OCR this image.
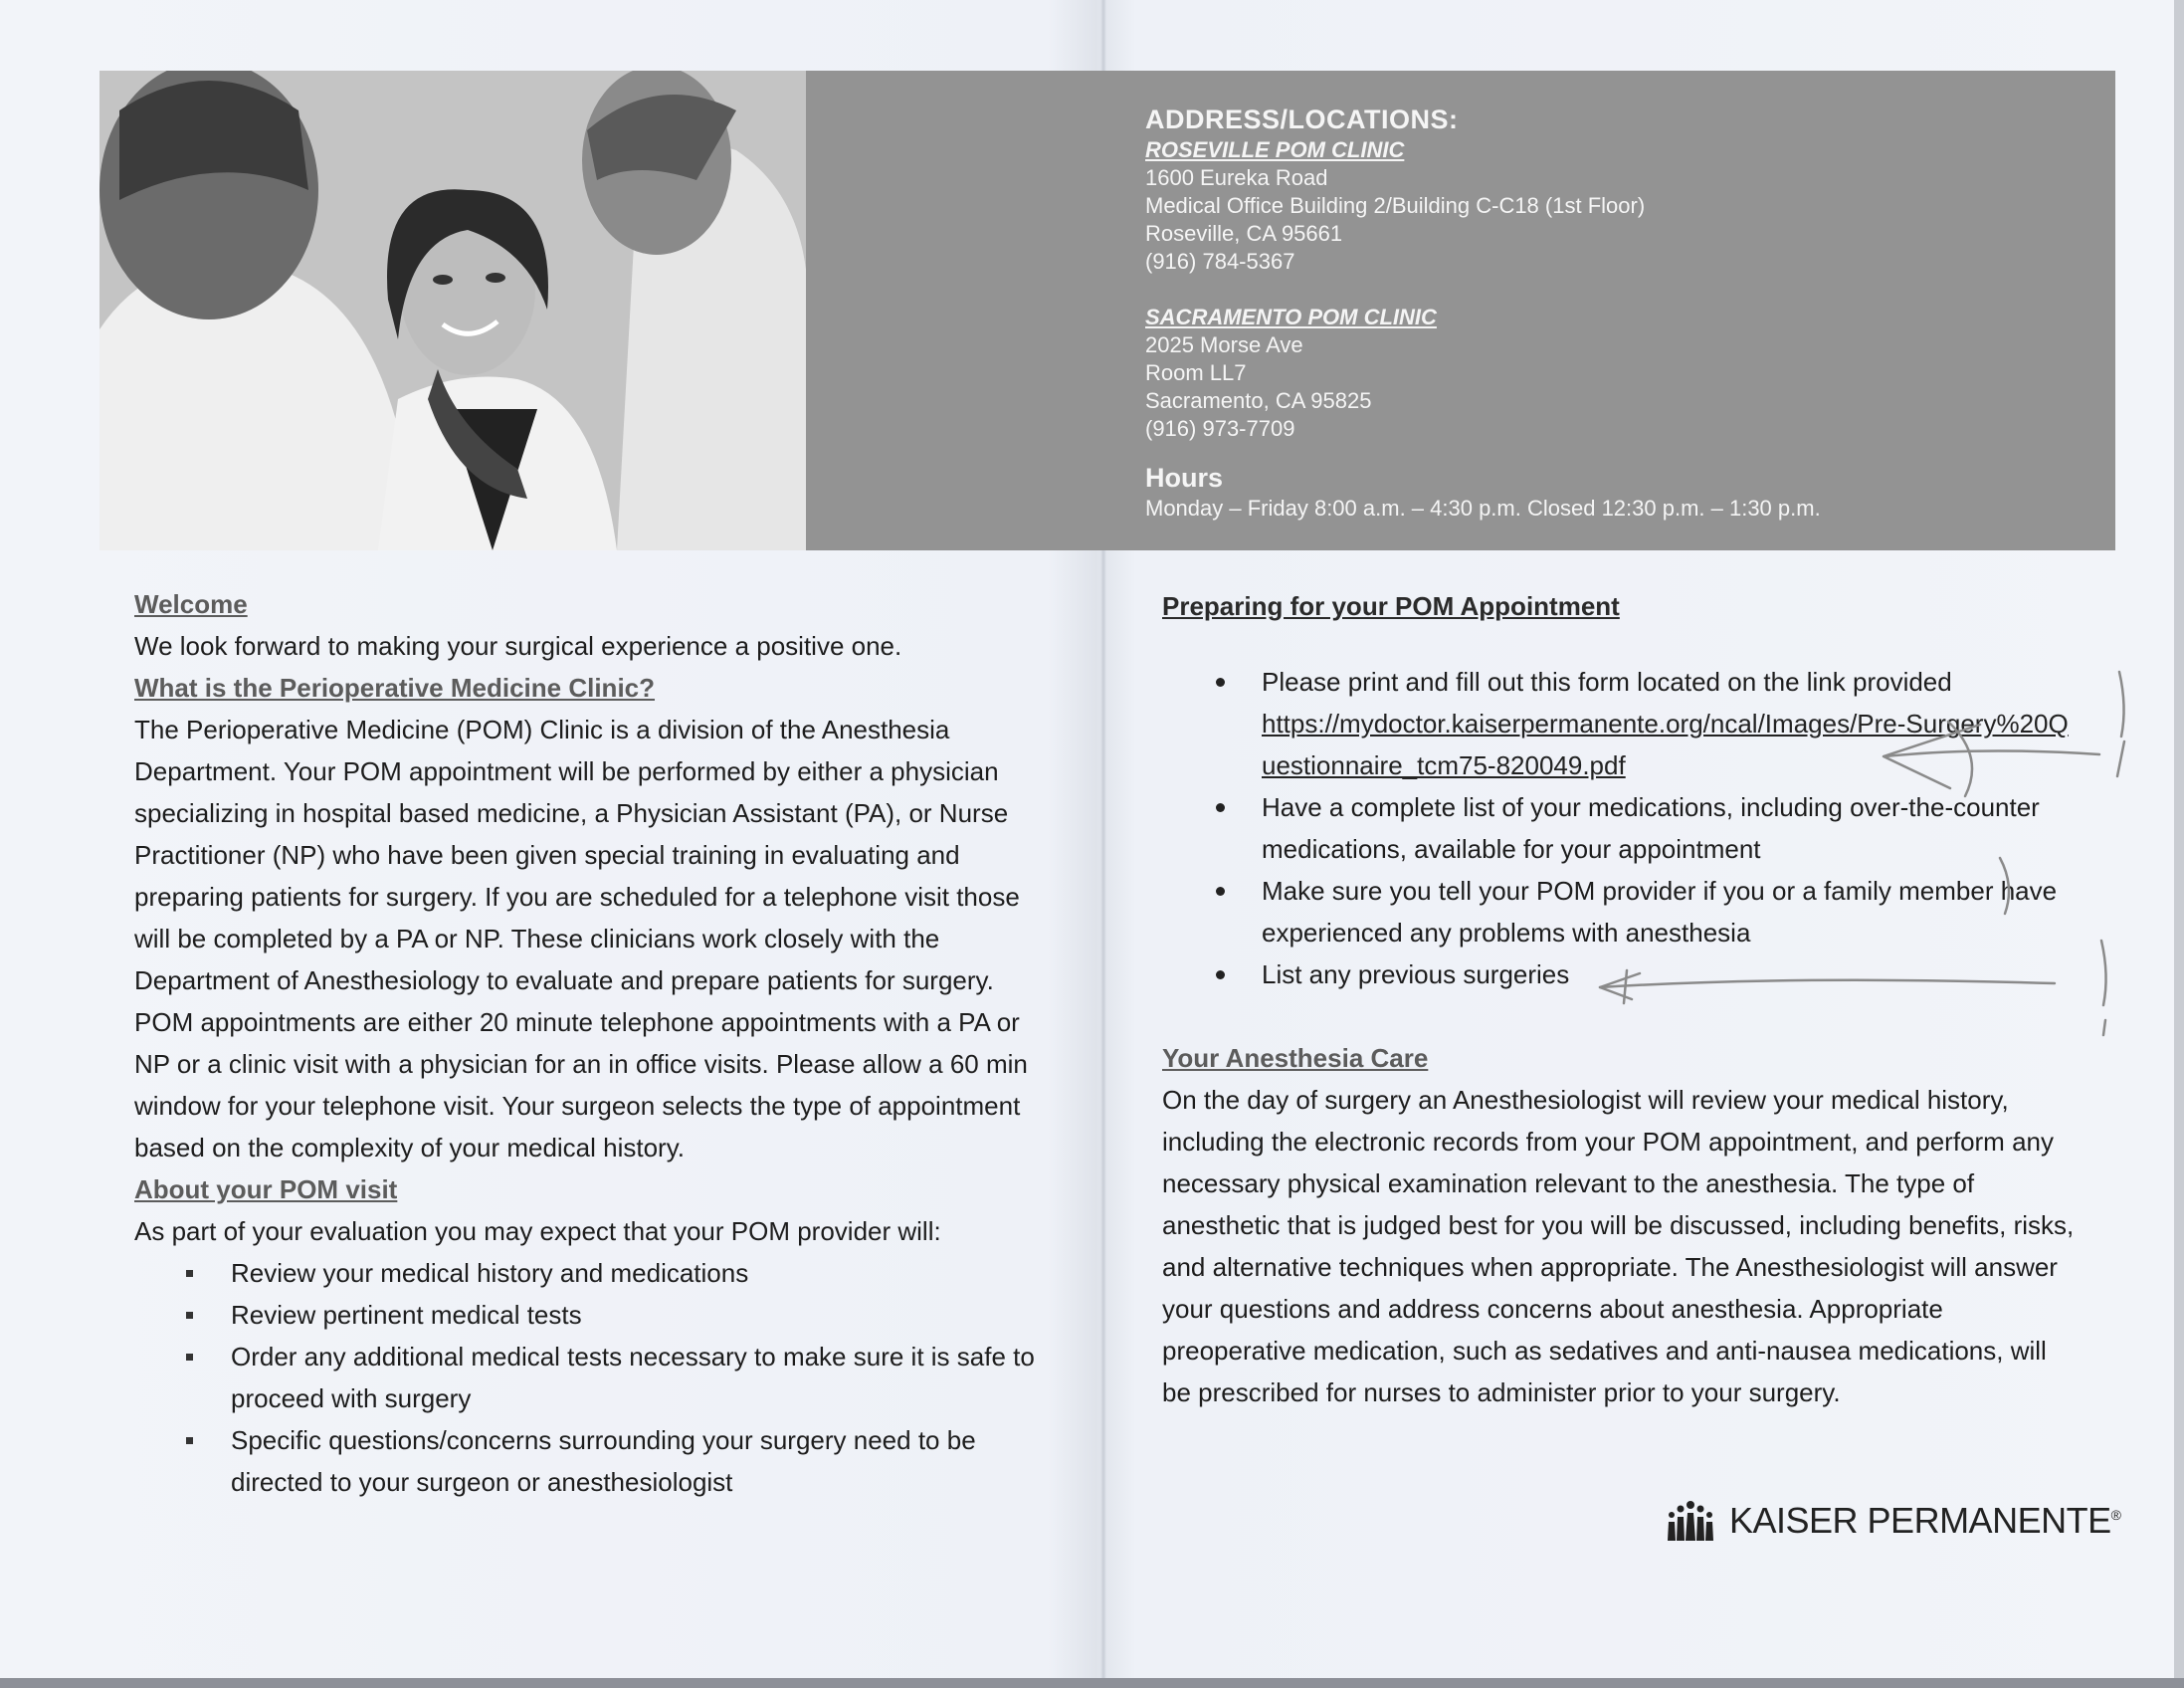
ADDRESS/LOCATIONS:
ROSEVILLE POM CLINIC
1600 Eureka Road
Medical Office Building 2/Building C-C18 (1st Floor)
Roseville, CA 95661
(916) 784-5367
SACRAMENTO POM CLINIC
2025 Morse Ave
Room LL7
Sacramento, CA 95825
(916) 973-7709
Hours
Monday – Friday 8:00 a.m. – 4:30 p.m. Closed 12:30 p.m. – 1:30 p.m.
Welcome

We look forward to making your surgical experience a positive one.

What is the Perioperative Medicine Clinic?

The Perioperative Medicine (POM) Clinic is a division of the Anesthesia Department. Your POM appointment will be performed by either a physician specializing in hospital based medicine, a Physician Assistant (PA), or Nurse Practitioner (NP) who have been given special training in evaluating and preparing patients for surgery. If you are scheduled for a telephone visit those will be completed by a PA or NP. These clinicians work closely with the Department of Anesthesiology to evaluate and prepare patients for surgery. POM appointments are either 20 minute telephone appointments with a PA or NP or a clinic visit with a physician for an in office visits. Please allow a 60 min window for your telephone visit. Your surgeon selects the type of appointment based on the complexity of your medical history.

About your POM visit

As part of your evaluation you may expect that your POM provider will:

Review your medical history and medications
Review pertinent medical tests
Order any additional medical tests necessary to make sure it is safe to proceed with surgery
Specific questions/concerns surrounding your surgery need to be directed to your surgeon or anesthesiologist
Preparing for your POM Appointment
Please print and fill out this form located on the link provided
https://mydoctor.kaiserpermanente.org/ncal/Images/Pre-Surgery%20Questionnaire_tcm75-820049.pdf
Have a complete list of your medications, including over-the-counter medications, available for your appointment
Make sure you tell your POM provider if you or a family member have experienced any problems with anesthesia
List any previous surgeries
Your Anesthesia Care

On the day of surgery an Anesthesiologist will review your medical history, including the electronic records from your POM appointment, and perform any necessary physical examination relevant to the anesthesia. The type of anesthetic that is judged best for you will be discussed, including benefits, risks, and alternative techniques when appropriate. The Anesthesiologist will answer your questions and address concerns about anesthesia. Appropriate preoperative medication, such as sedatives and anti-nausea medications, will be prescribed for nurses to administer prior to your surgery.

KAISER PERMANENTE®
